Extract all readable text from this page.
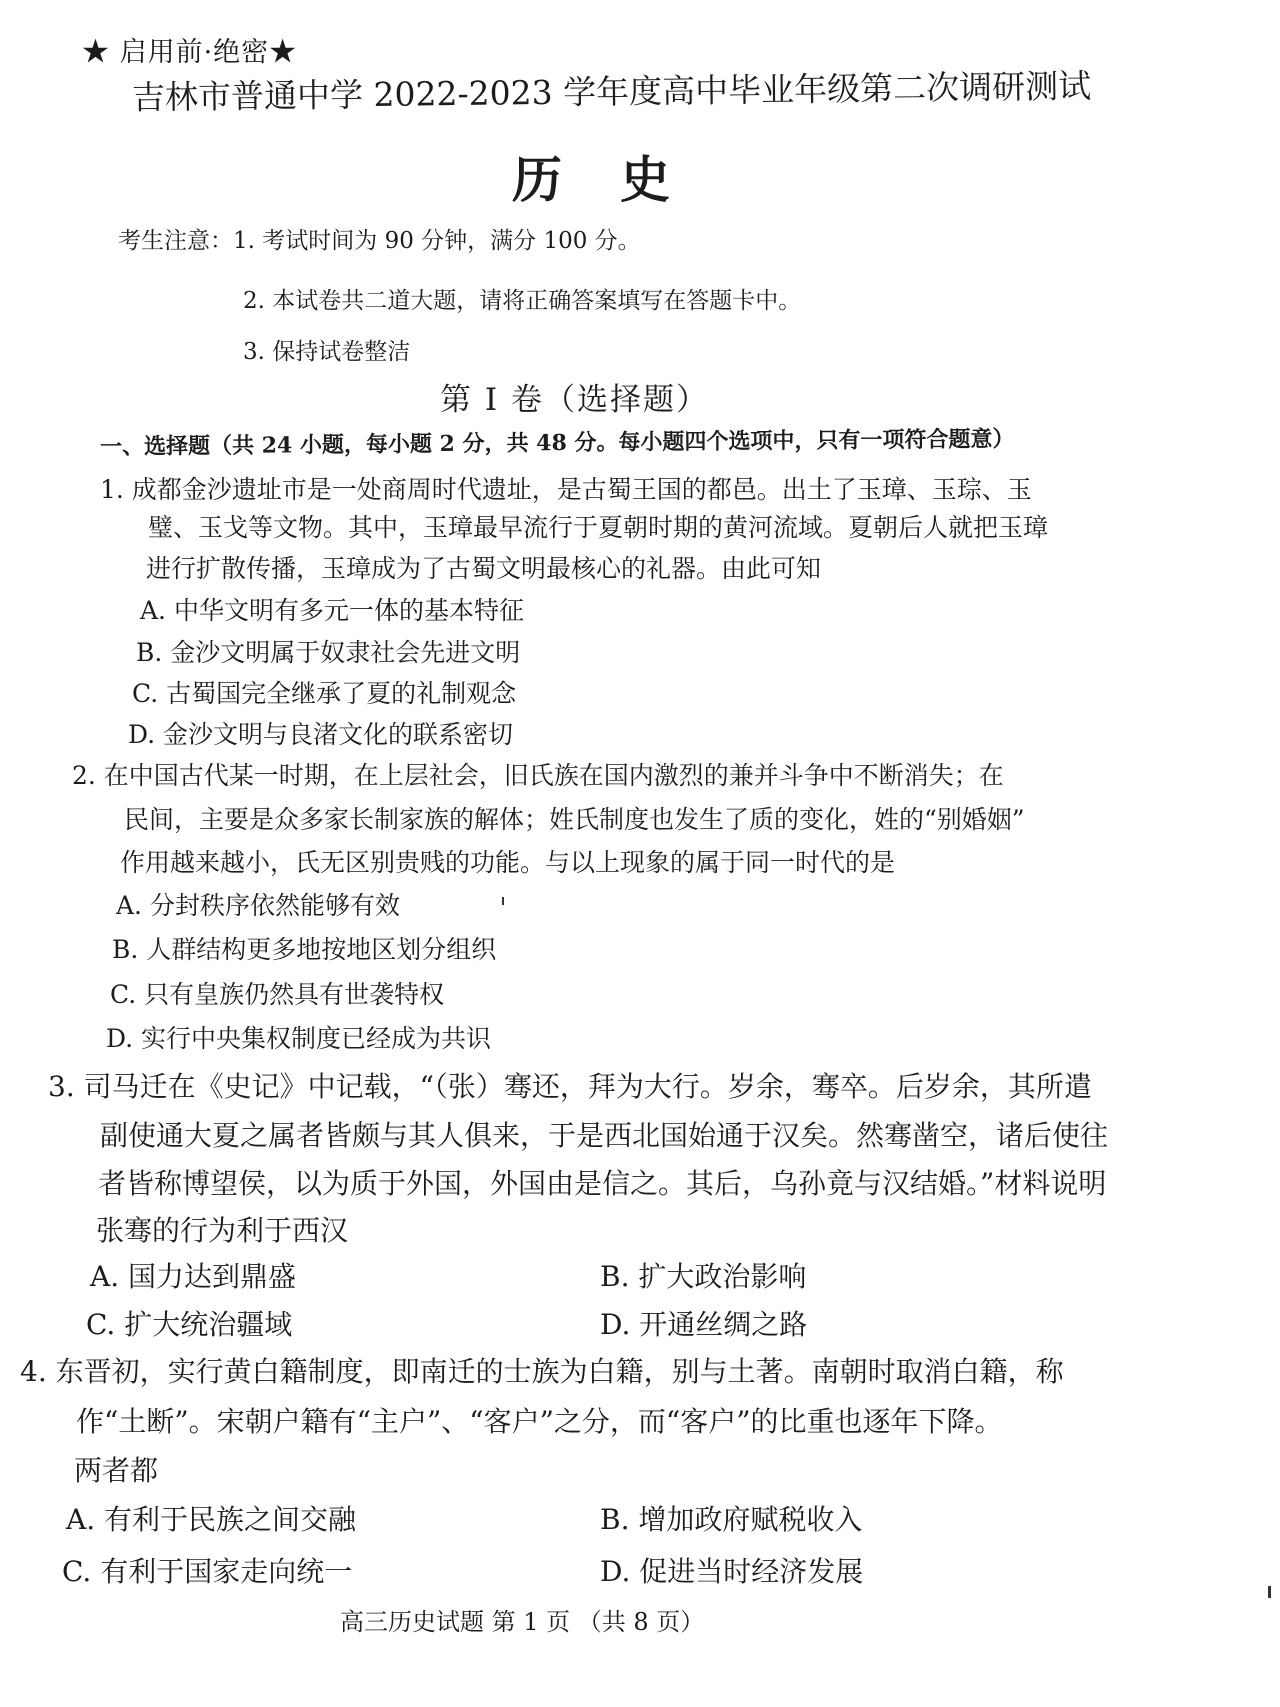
★ 启用前·绝密★
吉林市普通中学 2022-2023 学年度高中毕业年级第二次调研测试
历史
考生注意：1. 考试时间为 90 分钟，满分 100 分。
2. 本试卷共二道大题，请将正确答案填写在答题卡中。
3. 保持试卷整洁
第 I 卷（选择题）
一、选择题（共 24 小题，每小题 2 分，共 48 分。每小题四个选项中，只有一项符合题意）
1. 成都金沙遗址市是一处商周时代遗址，是古蜀王国的都邑。出土了玉璋、玉琮、玉
璧、玉戈等文物。其中，玉璋最早流行于夏朝时期的黄河流域。夏朝后人就把玉璋
进行扩散传播，玉璋成为了古蜀文明最核心的礼器。由此可知
A. 中华文明有多元一体的基本特征
B. 金沙文明属于奴隶社会先进文明
C. 古蜀国完全继承了夏的礼制观念
D. 金沙文明与良渚文化的联系密切
2. 在中国古代某一时期，在上层社会，旧氏族在国内激烈的兼并斗争中不断消失；在
民间，主要是众多家长制家族的解体；姓氏制度也发生了质的变化，姓的“别婚姻”
作用越来越小，氏无区别贵贱的功能。与以上现象的属于同一时代的是
A. 分封秩序依然能够有效
B. 人群结构更多地按地区划分组织
C. 只有皇族仍然具有世袭特权
D. 实行中央集权制度已经成为共识
3. 司马迁在《史记》中记载，“（张）骞还，拜为大行。岁余，骞卒。后岁余，其所遣
副使通大夏之属者皆颇与其人俱来，于是西北国始通于汉矣。然骞凿空，诸后使往
者皆称博望侯，以为质于外国，外国由是信之。其后，乌孙竟与汉结婚。”材料说明
张骞的行为利于西汉
A. 国力达到鼎盛	B. 扩大政治影响
C. 扩大统治疆域	D. 开通丝绸之路
4. 东晋初，实行黄白籍制度，即南迁的士族为白籍，别与土著。南朝时取消白籍，称
作“土断”。宋朝户籍有“主户”、“客户”之分，而“客户”的比重也逐年下降。
两者都
A. 有利于民族之间交融	B. 增加政府赋税收入
C. 有利于国家走向统一	D. 促进当时经济发展
高三历史试题 第 1 页 （共 8 页）
